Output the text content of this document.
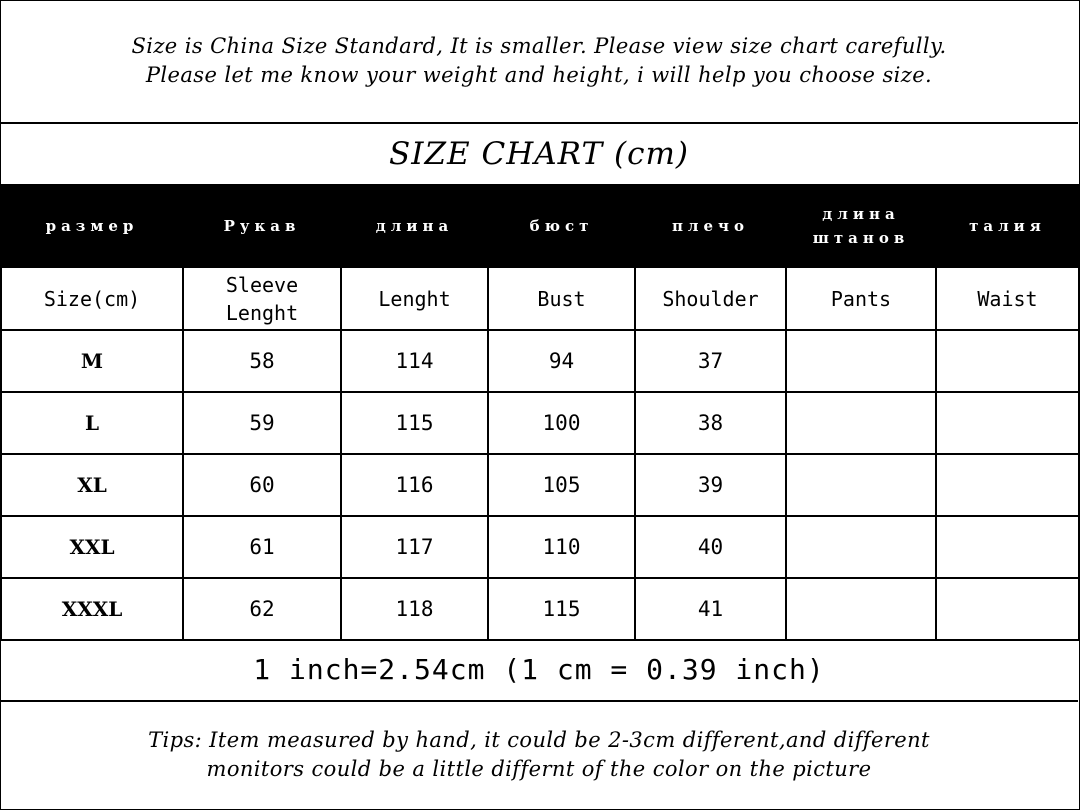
Size is China Size Standard, It is smaller. Please view size chart carefully.
Please let me know your weight and height, i will help you choose size.
SIZE CHART (cm)
размер	Рукав	длина	бюст	плечо	длина штанов	талия
Size(cm)	Sleeve Lenght	Lenght	Bust	Shoulder	Pants	Waist
M	58	114	94	37		
L	59	115	100	38		
XL	60	116	105	39		
XXL	61	117	110	40		
XXXL	62	118	115	41		
1 inch=2.54cm (1 cm = 0.39 inch)
Tips: Item measured by hand, it could be 2-3cm different,and different
monitors could be a little differnt of the color on the picture
